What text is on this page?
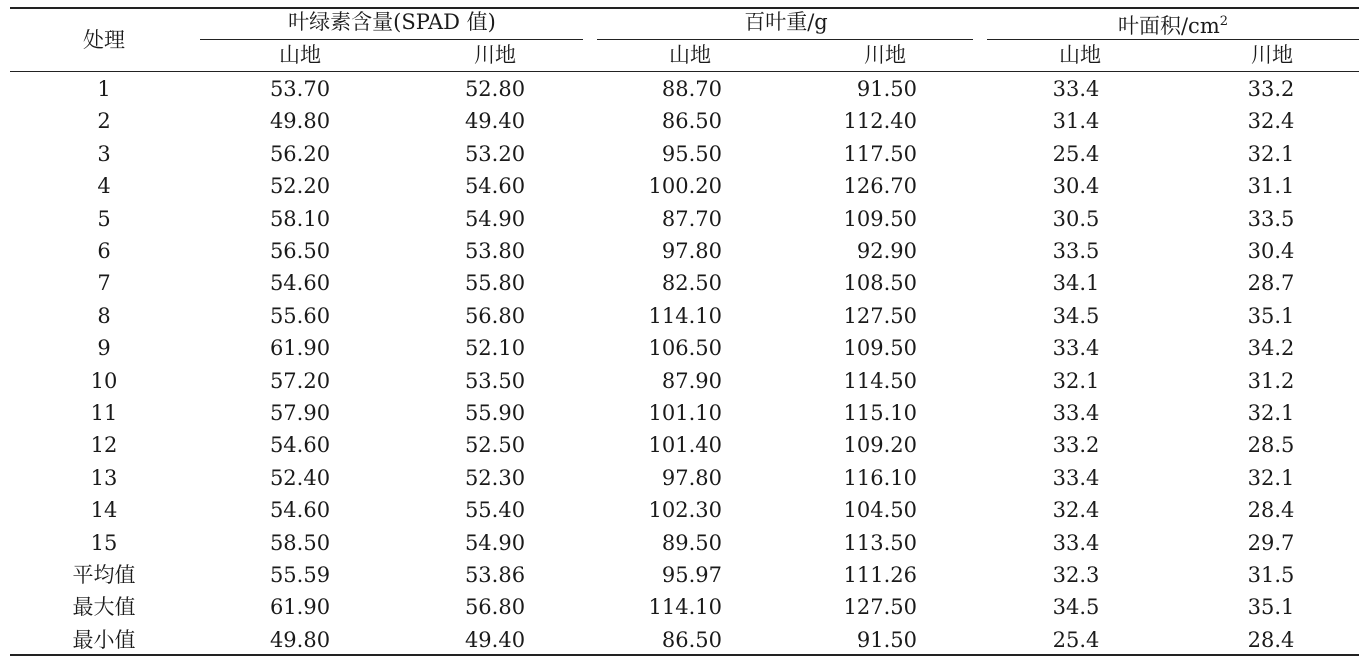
处理
叶绿素含量(SPAD 值)	百叶重/g	叶面积$/cm^2$
山地	川地	山地	川地	山地	川地
1	53.70	52.80	88.70	91.50	33.4	33.2
2	49.80	49.40	86.50	112.40	31.4	32.4
3	56.20	53.20	95.50	117.50	25.4	32.1
4	52.20	54.60	100.20	126.70	30.4	31.1
5	58.10	54.90	87.70	109.50	30.5	33.5
6	56.50	53.80	97.80	92.90	33.5	30.4
7	54.60	55.80	82.50	108.50	34.1	28.7
8	55.60	56.80	114.10	127.50	34.5	35.1
9	61.90	52.10	106.50	109.50	33.4	34.2
10	57.20	53.50	87.90	114.50	32.1	31.2
11	57.90	55.90	101.10	115.10	33.4	32.1
12	54.60	52.50	101.40	109.20	33.2	28.5
13	52.40	52.30	97.80	116.10	33.4	32.1
14	54.60	55.40	102.30	104.50	32.4	28.4
15	58.50	54.90	89.50	113.50	33.4	29.7
平均值	55.59	53.86	95.97	111.26	32.3	31.5
最大值	61.90	56.80	114.10	127.50	34.5	35.1
最小值	49.80	49.40	86.50	91.50	25.4	28.4
